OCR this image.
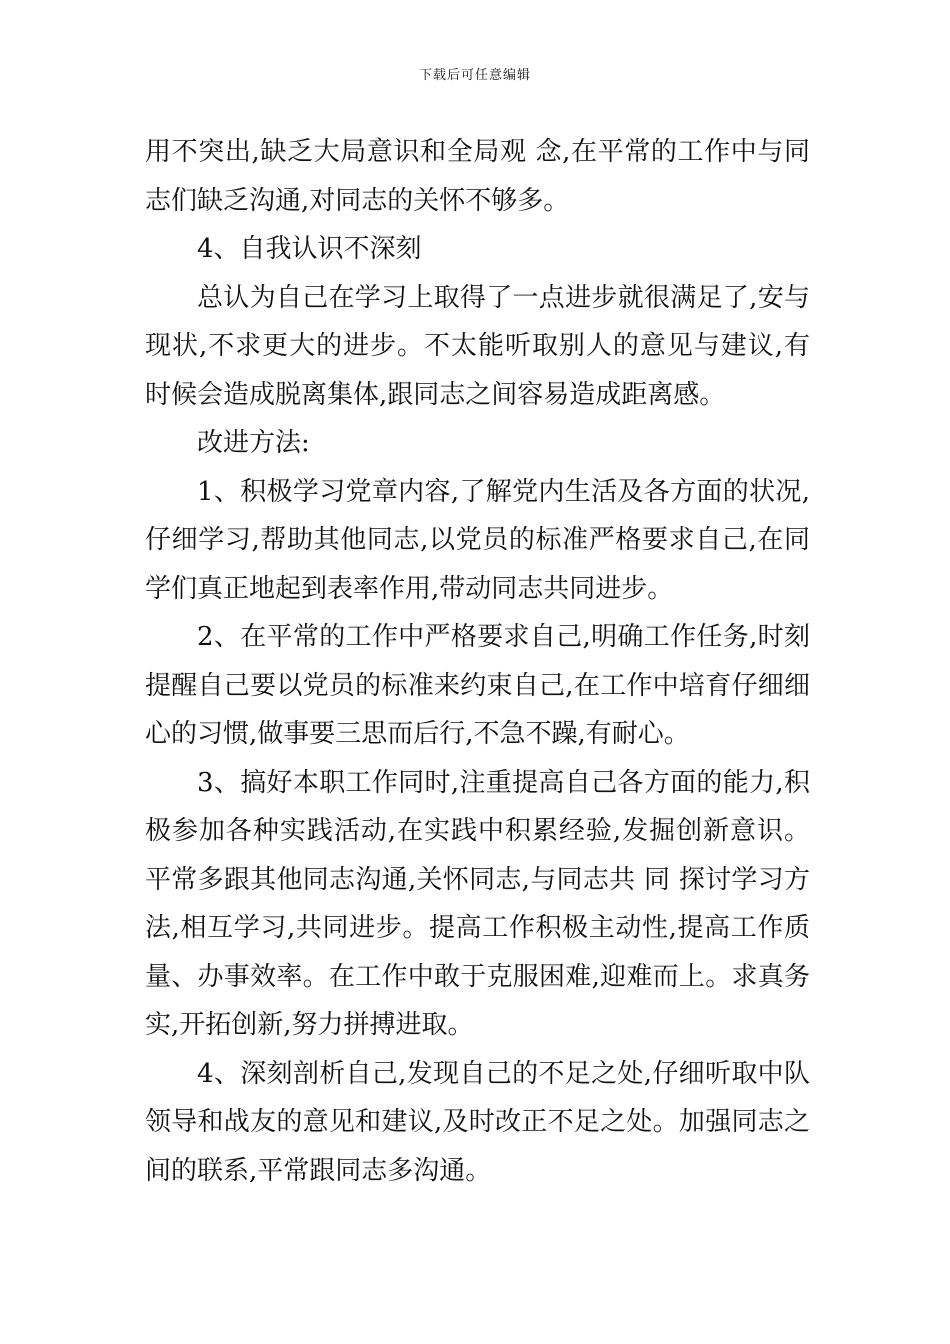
下载后可任意编辑

用不突出,缺乏大局意识和全局观 念,在平常的工作中与同志们缺乏沟通,对同志的关怀不够多。

4、自我认识不深刻

总认为自己在学习上取得了一点进步就很满足了,安与现状,不求更大的进步。不太能听取别人的意见与建议,有时候会造成脱离集体,跟同志之间容易造成距离感。

改进方法:

1、积极学习党章内容,了解党内生活及各方面的状况,仔细学习,帮助其他同志,以党员的标准严格要求自己,在同学们真正地起到表率作用,带动同志共同进步。

2、在平常的工作中严格要求自己,明确工作任务,时刻提醒自己要以党员的标准来约束自己,在工作中培育仔细细心的习惯,做事要三思而后行,不急不躁,有耐心。

3、搞好本职工作同时,注重提高自己各方面的能力,积极参加各种实践活动,在实践中积累经验,发掘创新意识。平常多跟其他同志沟通,关怀同志,与同志共 同 探讨学习方法,相互学习,共同进步。提高工作积极主动性,提高工作质量、办事效率。在工作中敢于克服困难,迎难而上。求真务实,开拓创新,努力拼搏进取。

4、深刻剖析自己,发现自己的不足之处,仔细听取中队领导和战友的意见和建议,及时改正不足之处。加强同志之间的联系,平常跟同志多沟通。
